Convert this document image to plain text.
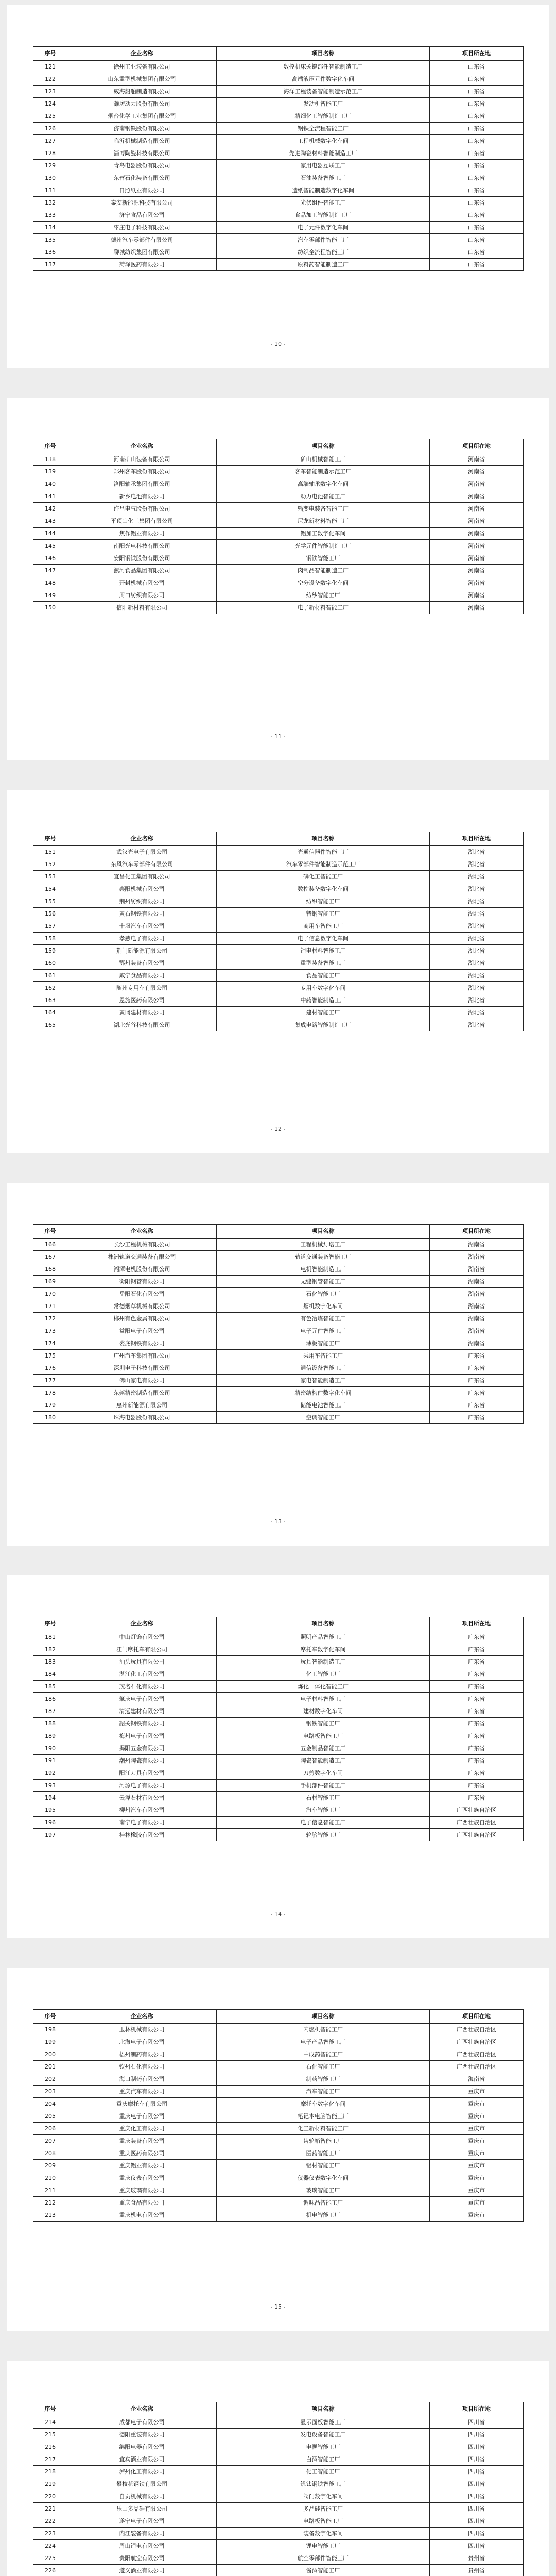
序号	企业名称	项目名称	项目所在地
121	徐州工业装备有限公司	数控机床关键部件智能制造工厂	山东省
122	山东重型机械集团有限公司	高端液压元件数字化车间	山东省
123	威海船舶制造有限公司	海洋工程装备智能制造示范工厂	山东省
124	潍坊动力股份有限公司	发动机智能工厂	山东省
125	烟台化学工业集团有限公司	精细化工智能制造工厂	山东省
126	济南钢铁股份有限公司	钢铁全流程智能工厂	山东省
127	临沂机械制造有限公司	工程机械数字化车间	山东省
128	淄博陶瓷科技有限公司	先进陶瓷材料智能制造工厂	山东省
129	青岛电器股份有限公司	家用电器互联工厂	山东省
130	东营石化装备有限公司	石油装备智能工厂	山东省
131	日照纸业有限公司	造纸智能制造数字化车间	山东省
132	泰安新能源科技有限公司	光伏组件智能工厂	山东省
133	济宁食品有限公司	食品加工智能制造工厂	山东省
134	枣庄电子科技有限公司	电子元件数字化车间	山东省
135	德州汽车零部件有限公司	汽车零部件智能工厂	山东省
136	聊城纺织集团有限公司	纺织全流程智能工厂	山东省
137	菏泽医药有限公司	原料药智能制造工厂	山东省
- 10 -
序号	企业名称	项目名称	项目所在地
138	河南矿山装备有限公司	矿山机械智能工厂	河南省
139	郑州客车股份有限公司	客车智能制造示范工厂	河南省
140	洛阳轴承集团有限公司	高端轴承数字化车间	河南省
141	新乡电池有限公司	动力电池智能工厂	河南省
142	许昌电气股份有限公司	输变电装备智能工厂	河南省
143	平顶山化工集团有限公司	尼龙新材料智能工厂	河南省
144	焦作铝业有限公司	铝加工数字化车间	河南省
145	南阳光电科技有限公司	光学元件智能制造工厂	河南省
146	安阳钢铁股份有限公司	钢铁智能工厂	河南省
147	漯河食品集团有限公司	肉制品智能制造工厂	河南省
148	开封机械有限公司	空分设备数字化车间	河南省
149	周口纺织有限公司	纺纱智能工厂	河南省
150	信阳新材料有限公司	电子新材料智能工厂	河南省
- 11 -
序号	企业名称	项目名称	项目所在地
151	武汉光电子有限公司	光通信器件智能工厂	湖北省
152	东风汽车零部件有限公司	汽车零部件智能制造示范工厂	湖北省
153	宜昌化工集团有限公司	磷化工智能工厂	湖北省
154	襄阳机械有限公司	数控装备数字化车间	湖北省
155	荆州纺织有限公司	纺织智能工厂	湖北省
156	黄石钢铁有限公司	特钢智能工厂	湖北省
157	十堰汽车有限公司	商用车智能工厂	湖北省
158	孝感电子有限公司	电子信息数字化车间	湖北省
159	荆门新能源有限公司	锂电材料智能工厂	湖北省
160	鄂州装备有限公司	重型装备智能工厂	湖北省
161	咸宁食品有限公司	食品智能工厂	湖北省
162	随州专用车有限公司	专用车数字化车间	湖北省
163	恩施医药有限公司	中药智能制造工厂	湖北省
164	黄冈建材有限公司	建材智能工厂	湖北省
165	湖北光谷科技有限公司	集成电路智能制造工厂	湖北省
- 12 -
序号	企业名称	项目名称	项目所在地
166	长沙工程机械有限公司	工程机械灯塔工厂	湖南省
167	株洲轨道交通装备有限公司	轨道交通装备智能工厂	湖南省
168	湘潭电机股份有限公司	电机智能制造工厂	湖南省
169	衡阳钢管有限公司	无缝钢管智能工厂	湖南省
170	岳阳石化有限公司	石化智能工厂	湖南省
171	常德烟草机械有限公司	烟机数字化车间	湖南省
172	郴州有色金属有限公司	有色冶炼智能工厂	湖南省
173	益阳电子有限公司	电子元件智能工厂	湖南省
174	娄底钢铁有限公司	薄板智能工厂	湖南省
175	广州汽车集团有限公司	乘用车智能工厂	广东省
176	深圳电子科技有限公司	通信设备智能工厂	广东省
177	佛山家电有限公司	家电智能制造工厂	广东省
178	东莞精密制造有限公司	精密结构件数字化车间	广东省
179	惠州新能源有限公司	储能电池智能工厂	广东省
180	珠海电器股份有限公司	空调智能工厂	广东省
- 13 -
序号	企业名称	项目名称	项目所在地
181	中山灯饰有限公司	照明产品智能工厂	广东省
182	江门摩托车有限公司	摩托车数字化车间	广东省
183	汕头玩具有限公司	玩具智能制造工厂	广东省
184	湛江化工有限公司	化工智能工厂	广东省
185	茂名石化有限公司	炼化一体化智能工厂	广东省
186	肇庆电子有限公司	电子材料智能工厂	广东省
187	清远建材有限公司	建材数字化车间	广东省
188	韶关钢铁有限公司	钢铁智能工厂	广东省
189	梅州电子有限公司	电路板智能工厂	广东省
190	揭阳五金有限公司	五金制品智能工厂	广东省
191	潮州陶瓷有限公司	陶瓷智能制造工厂	广东省
192	阳江刀具有限公司	刀剪数字化车间	广东省
193	河源电子有限公司	手机部件智能工厂	广东省
194	云浮石材有限公司	石材智能工厂	广东省
195	柳州汽车有限公司	汽车智能工厂	广西壮族自治区
196	南宁电子有限公司	电子信息智能工厂	广西壮族自治区
197	桂林橡胶有限公司	轮胎智能工厂	广西壮族自治区
- 14 -
序号	企业名称	项目名称	项目所在地
198	玉林机械有限公司	内燃机智能工厂	广西壮族自治区
199	北海电子有限公司	电子产品智能工厂	广西壮族自治区
200	梧州制药有限公司	中成药智能工厂	广西壮族自治区
201	钦州石化有限公司	石化智能工厂	广西壮族自治区
202	海口制药有限公司	制药智能工厂	海南省
203	重庆汽车有限公司	汽车智能工厂	重庆市
204	重庆摩托车有限公司	摩托车数字化车间	重庆市
205	重庆电子有限公司	笔记本电脑智能工厂	重庆市
206	重庆化工有限公司	化工新材料智能工厂	重庆市
207	重庆装备有限公司	齿轮箱智能工厂	重庆市
208	重庆医药有限公司	医药智能工厂	重庆市
209	重庆铝业有限公司	铝材智能工厂	重庆市
210	重庆仪表有限公司	仪器仪表数字化车间	重庆市
211	重庆玻璃有限公司	玻璃智能工厂	重庆市
212	重庆食品有限公司	调味品智能工厂	重庆市
213	重庆机电有限公司	机电智能工厂	重庆市
- 15 -
序号	企业名称	项目名称	项目所在地
214	成都电子有限公司	显示面板智能工厂	四川省
215	德阳重装有限公司	发电设备智能工厂	四川省
216	绵阳电器有限公司	电视智能工厂	四川省
217	宜宾酒业有限公司	白酒智能工厂	四川省
218	泸州化工有限公司	化工智能工厂	四川省
219	攀枝花钢铁有限公司	钒钛钢铁智能工厂	四川省
220	自贡机械有限公司	阀门数字化车间	四川省
221	乐山多晶硅有限公司	多晶硅智能工厂	四川省
222	遂宁电子有限公司	电路板智能工厂	四川省
223	内江装备有限公司	装备数字化车间	四川省
224	眉山锂电有限公司	锂电智能工厂	四川省
225	贵阳航空有限公司	航空零部件智能工厂	贵州省
226	遵义酒业有限公司	酱酒智能工厂	贵州省
